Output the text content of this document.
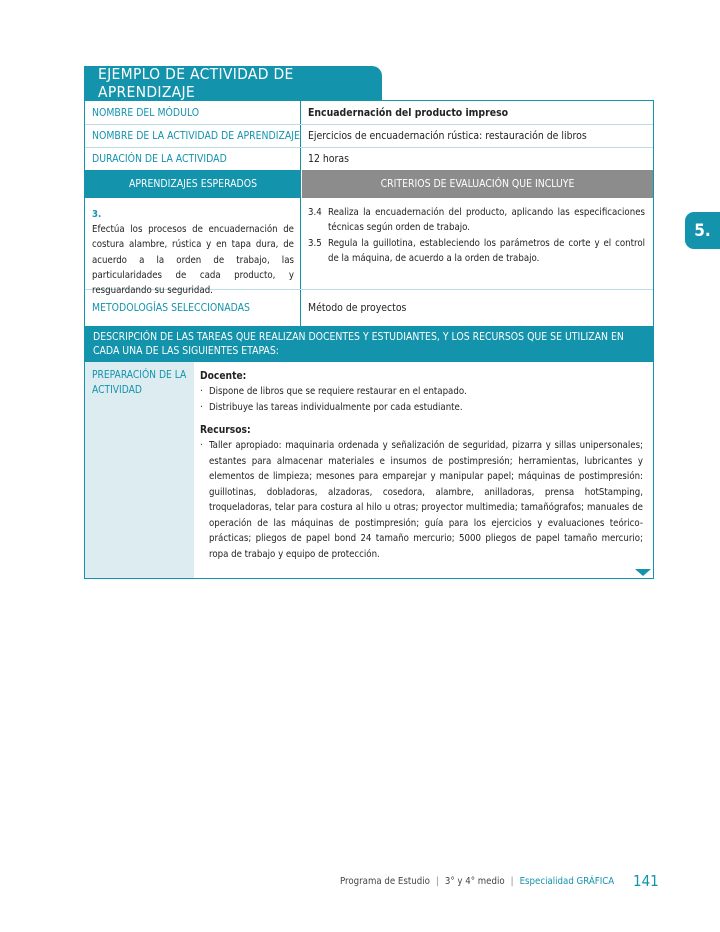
EJEMPLO DE ACTIVIDAD DE APRENDIZAJE
NOMBRE DEL MÓDULO	Encuadernación del producto impreso
NOMBRE DE LA ACTIVIDAD DE APRENDIZAJE Ejercicios de encuadernación rústica: restauración de libros
DURACIÓN DE LA ACTIVIDAD	12 horas
APRENDIZAJES ESPERADOS	CRITERIOS DE EVALUACIÓN QUE INCLUYE
3.
Efectúa los procesos de encuadernación de costura alambre, rústica y en tapa dura, de acuerdo a la orden de trabajo, las particularidades de cada producto, y resguardando su seguridad.
3.4 Realiza la encuadernación del producto, aplicando las especificaciones técnicas según orden de trabajo.
3.5 Regula la guillotina, estableciendo los parámetros de corte y el control de la máquina, de acuerdo a la orden de trabajo.
METODOLOGÍAS SELECCIONADAS	Método de proyectos
DESCRIPCIÓN DE LAS TAREAS QUE REALIZAN DOCENTES Y ESTUDIANTES, Y LOS RECURSOS QUE SE UTILIZAN EN CADA UNA DE LAS SIGUIENTES ETAPAS:
PREPARACIÓN DE LA ACTIVIDAD
Docente:
· Dispone de libros que se requiere restaurar en el entapado.
· Distribuye las tareas individualmente por cada estudiante.
Recursos:
· Taller apropiado: maquinaria ordenada y señalización de seguridad, pizarra y sillas unipersonales; estantes para almacenar materiales e insumos de postimpresión; herramientas, lubricantes y elementos de limpieza; mesones para emparejar y manipular papel; máquinas de postimpresión: guillotinas, dobladoras, alzadoras, cosedora, alambre, anilladoras, prensa hotStamping, troqueladoras, telar para costura al hilo u otras; proyector multimedia; tamañógrafos; manuales de operación de las máquinas de postimpresión; guía para los ejercicios y evaluaciones teórico-prácticas; pliegos de papel bond 24 tamaño mercurio; 5000 pliegos de papel tamaño mercurio; ropa de trabajo y equipo de protección.
5.
Programa de Estudio | 3° y 4° medio | Especialidad GRÁFICA 141
